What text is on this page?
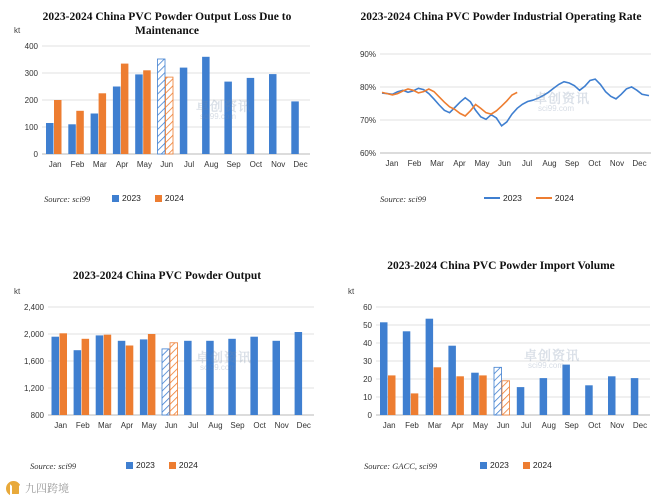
2023-2024 China PVC Powder Output Loss Due to Maintenance
kt
400
300
200
100
0
Jan Feb Mar Apr May Jun Jul Aug Sep Oct Nov Dec
卓创资讯
sci99.com
Source: sci99	2023	2024
2023-2024 China PVC Powder Industrial Operating Rate
90%
80%
70%
60%
Jan Feb Mar Apr May Jun Jul Aug Sep Oct Nov Dec
卓创资讯
sci99.com
Source: sci99	2023	2024
2023-2024 China PVC Powder Output
kt
2,400
2,000
1,600
1,200
800
Jan Feb Mar Apr May Jun Jul Aug Sep Oct Nov Dec
卓创资讯
sci99.com
Source: sci99	2023	2024
2023-2024 China PVC Powder Import Volume
kt
60
50
40
30
20
10
0
Jan Feb Mar Apr May Jun Jul Aug Sep Oct Nov Dec
卓创资讯
sci99.com
Source: GACC, sci99	2023	2024
九四跨境
